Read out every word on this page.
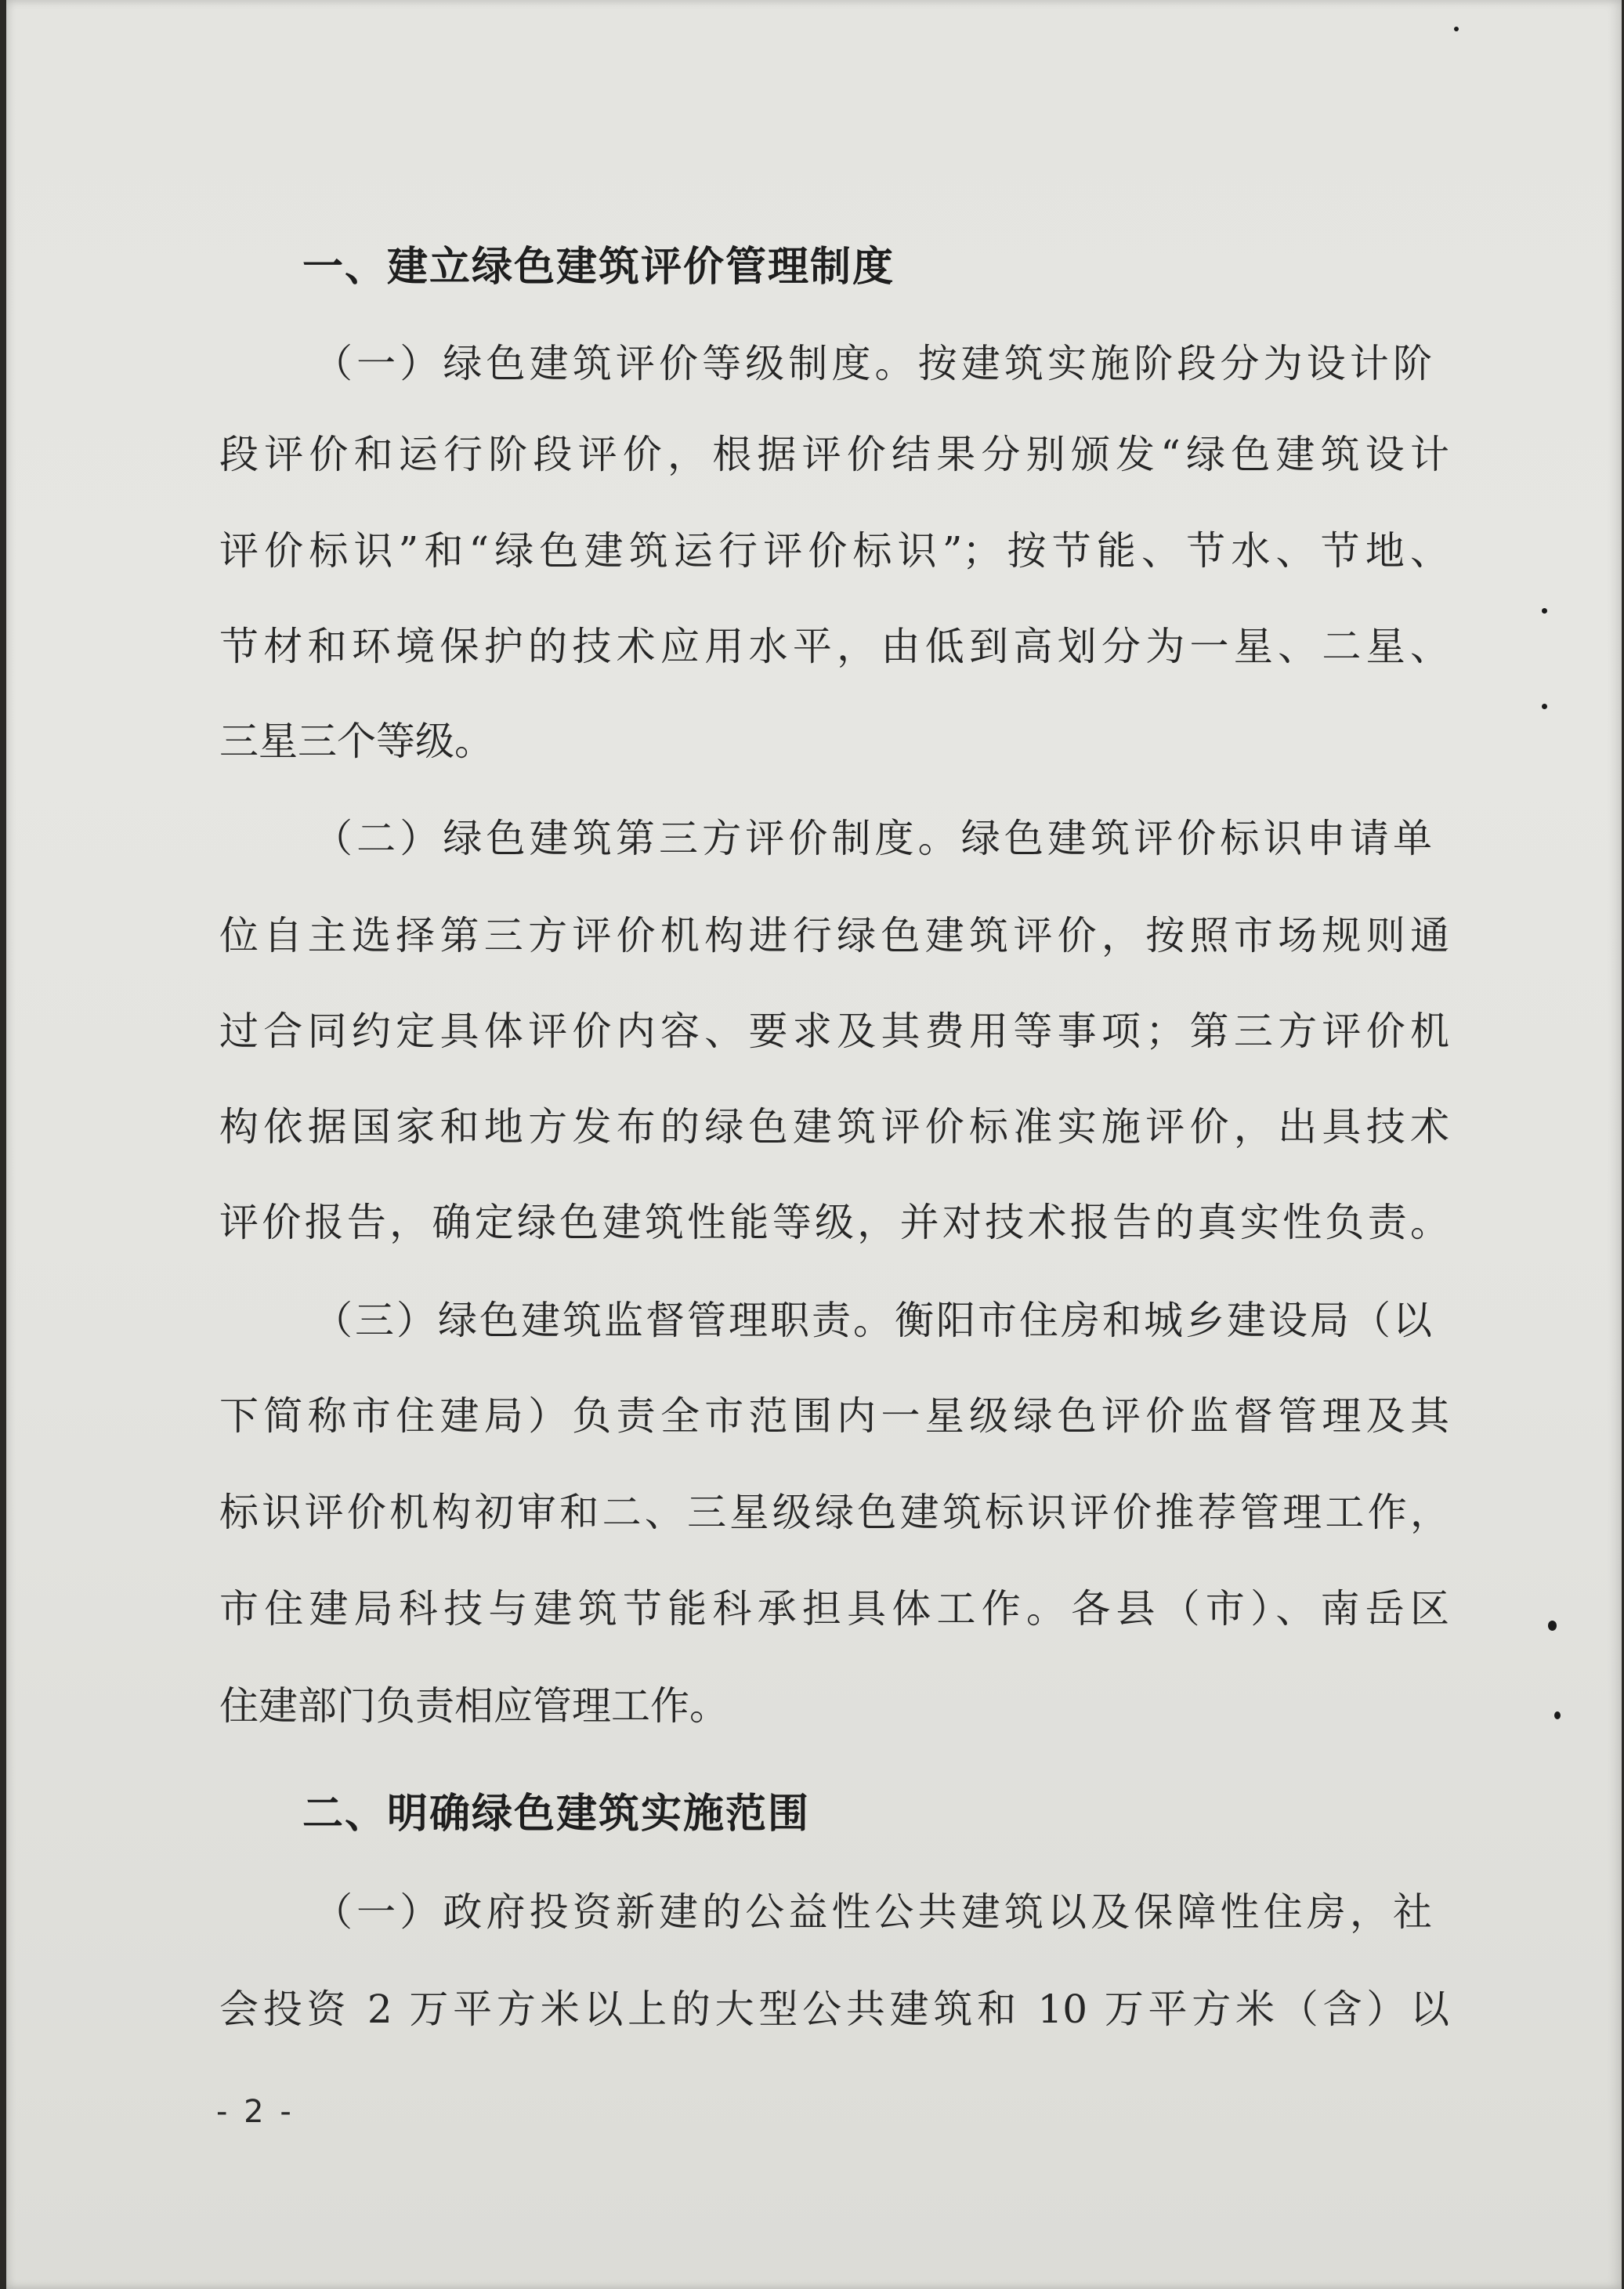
一、建立绿色建筑评价管理制度
（一）绿色建筑评价等级制度。按建筑实施阶段分为设计阶
段评价和运行阶段评价，根据评价结果分别颁发“绿色建筑设计
评价标识”和“绿色建筑运行评价标识”；按节能、节水、节地、
节材和环境保护的技术应用水平，由低到高划分为一星、二星、
三星三个等级。
（二）绿色建筑第三方评价制度。绿色建筑评价标识申请单
位自主选择第三方评价机构进行绿色建筑评价，按照市场规则通
过合同约定具体评价内容、要求及其费用等事项；第三方评价机
构依据国家和地方发布的绿色建筑评价标准实施评价，出具技术
评价报告，确定绿色建筑性能等级，并对技术报告的真实性负责。
（三）绿色建筑监督管理职责。衡阳市住房和城乡建设局（以
下简称市住建局）负责全市范围内一星级绿色评价监督管理及其
标识评价机构初审和二、三星级绿色建筑标识评价推荐管理工作，
市住建局科技与建筑节能科承担具体工作。各县（市）、南岳区
住建部门负责相应管理工作。
二、明确绿色建筑实施范围
（一）政府投资新建的公益性公共建筑以及保障性住房，社
会投资 2 万平方米以上的大型公共建筑和 10 万平方米（含）以
- 2 -
